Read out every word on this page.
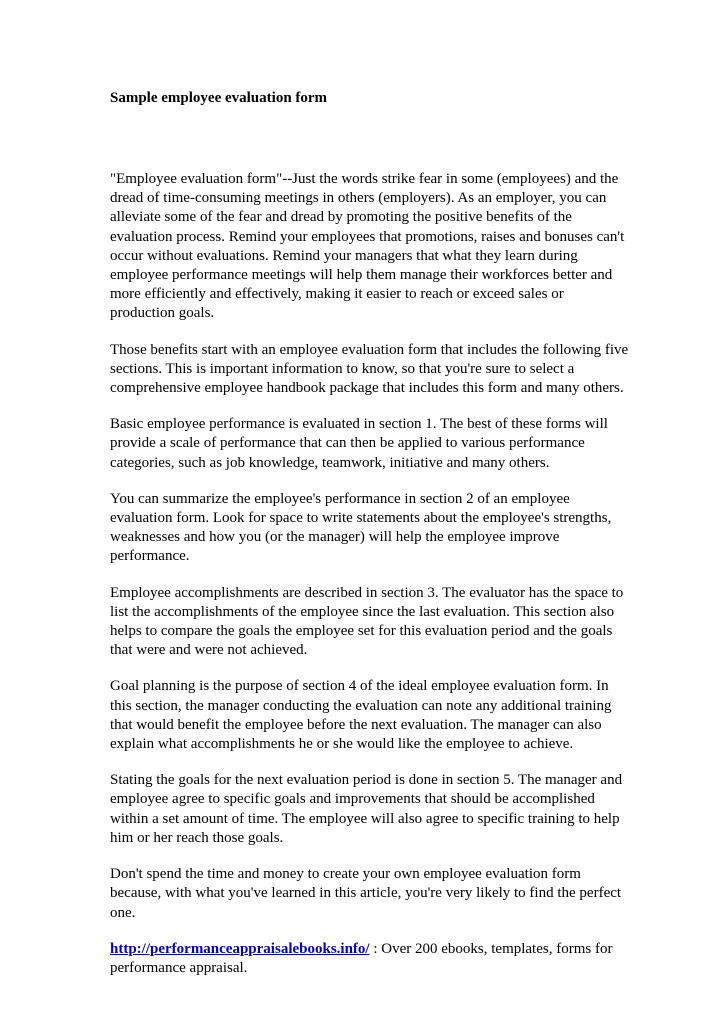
Sample employee evaluation form

"Employee evaluation form"--Just the words strike fear in some (employees) and the
dread of time-consuming meetings in others (employers). As an employer, you can
alleviate some of the fear and dread by promoting the positive benefits of the
evaluation process. Remind your employees that promotions, raises and bonuses can't
occur without evaluations. Remind your managers that what they learn during
employee performance meetings will help them manage their workforces better and
more efficiently and effectively, making it easier to reach or exceed sales or
production goals.

Those benefits start with an employee evaluation form that includes the following five
sections. This is important information to know, so that you're sure to select a
comprehensive employee handbook package that includes this form and many others.

Basic employee performance is evaluated in section 1. The best of these forms will
provide a scale of performance that can then be applied to various performance
categories, such as job knowledge, teamwork, initiative and many others.

You can summarize the employee's performance in section 2 of an employee
evaluation form. Look for space to write statements about the employee's strengths,
weaknesses and how you (or the manager) will help the employee improve
performance.

Employee accomplishments are described in section 3. The evaluator has the space to
list the accomplishments of the employee since the last evaluation. This section also
helps to compare the goals the employee set for this evaluation period and the goals
that were and were not achieved.

Goal planning is the purpose of section 4 of the ideal employee evaluation form. In
this section, the manager conducting the evaluation can note any additional training
that would benefit the employee before the next evaluation. The manager can also
explain what accomplishments he or she would like the employee to achieve.

Stating the goals for the next evaluation period is done in section 5. The manager and
employee agree to specific goals and improvements that should be accomplished
within a set amount of time. The employee will also agree to specific training to help
him or her reach those goals.

Don't spend the time and money to create your own employee evaluation form
because, with what you've learned in this article, you're very likely to find the perfect
one.

http://performanceappraisalebooks.info/ : Over 200 ebooks, templates, forms for
performance appraisal.
